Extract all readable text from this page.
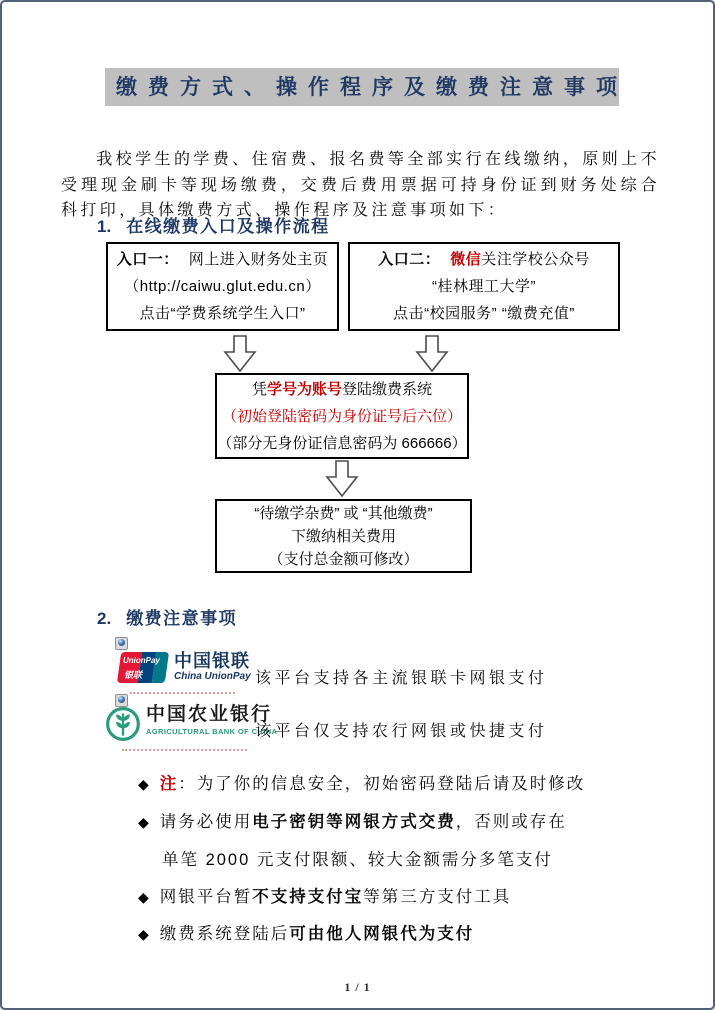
缴费方式、操作程序及缴费注意事项

我校学生的学费、住宿费、报名费等全部实行在线缴纳，原则上不受理现金刷卡等现场缴费，交费后费用票据可持身份证到财务处综合科打印，具体缴费方式、操作程序及注意事项如下：

1. 在线缴费入口及操作流程
入口一： 网上进入财务处主页
（http://caiwu.glut.edu.cn）
点击“学费系统学生入口”
入口二： 微信关注学校公众号
“桂林理工大学”
点击“校园服务” “缴费充值”
凭学号为账号登陆缴费系统
（初始登陆密码为身份证号后六位）
（部分无身份证信息密码为 666666）
“待缴学杂费” 或 “其他缴费”
下缴纳相关费用
（支付总金额可修改）
2. 缴费注意事项
UnionPay
银联
中国银联
China UnionPay 该平台支持各主流银联卡网银支付
中国农业银行
AGRICULTURAL BANK OF CHINA
该平台仅支持农行网银或快捷支付
◆ 注：为了你的信息安全，初始密码登陆后请及时修改
◆ 请务必使用电子密钥等网银方式交费，否则或存在
单笔 2000 元支付限额、较大金额需分多笔支付
◆ 网银平台暂不支持支付宝等第三方支付工具
◆ 缴费系统登陆后可由他人网银代为支付
1 / 1
